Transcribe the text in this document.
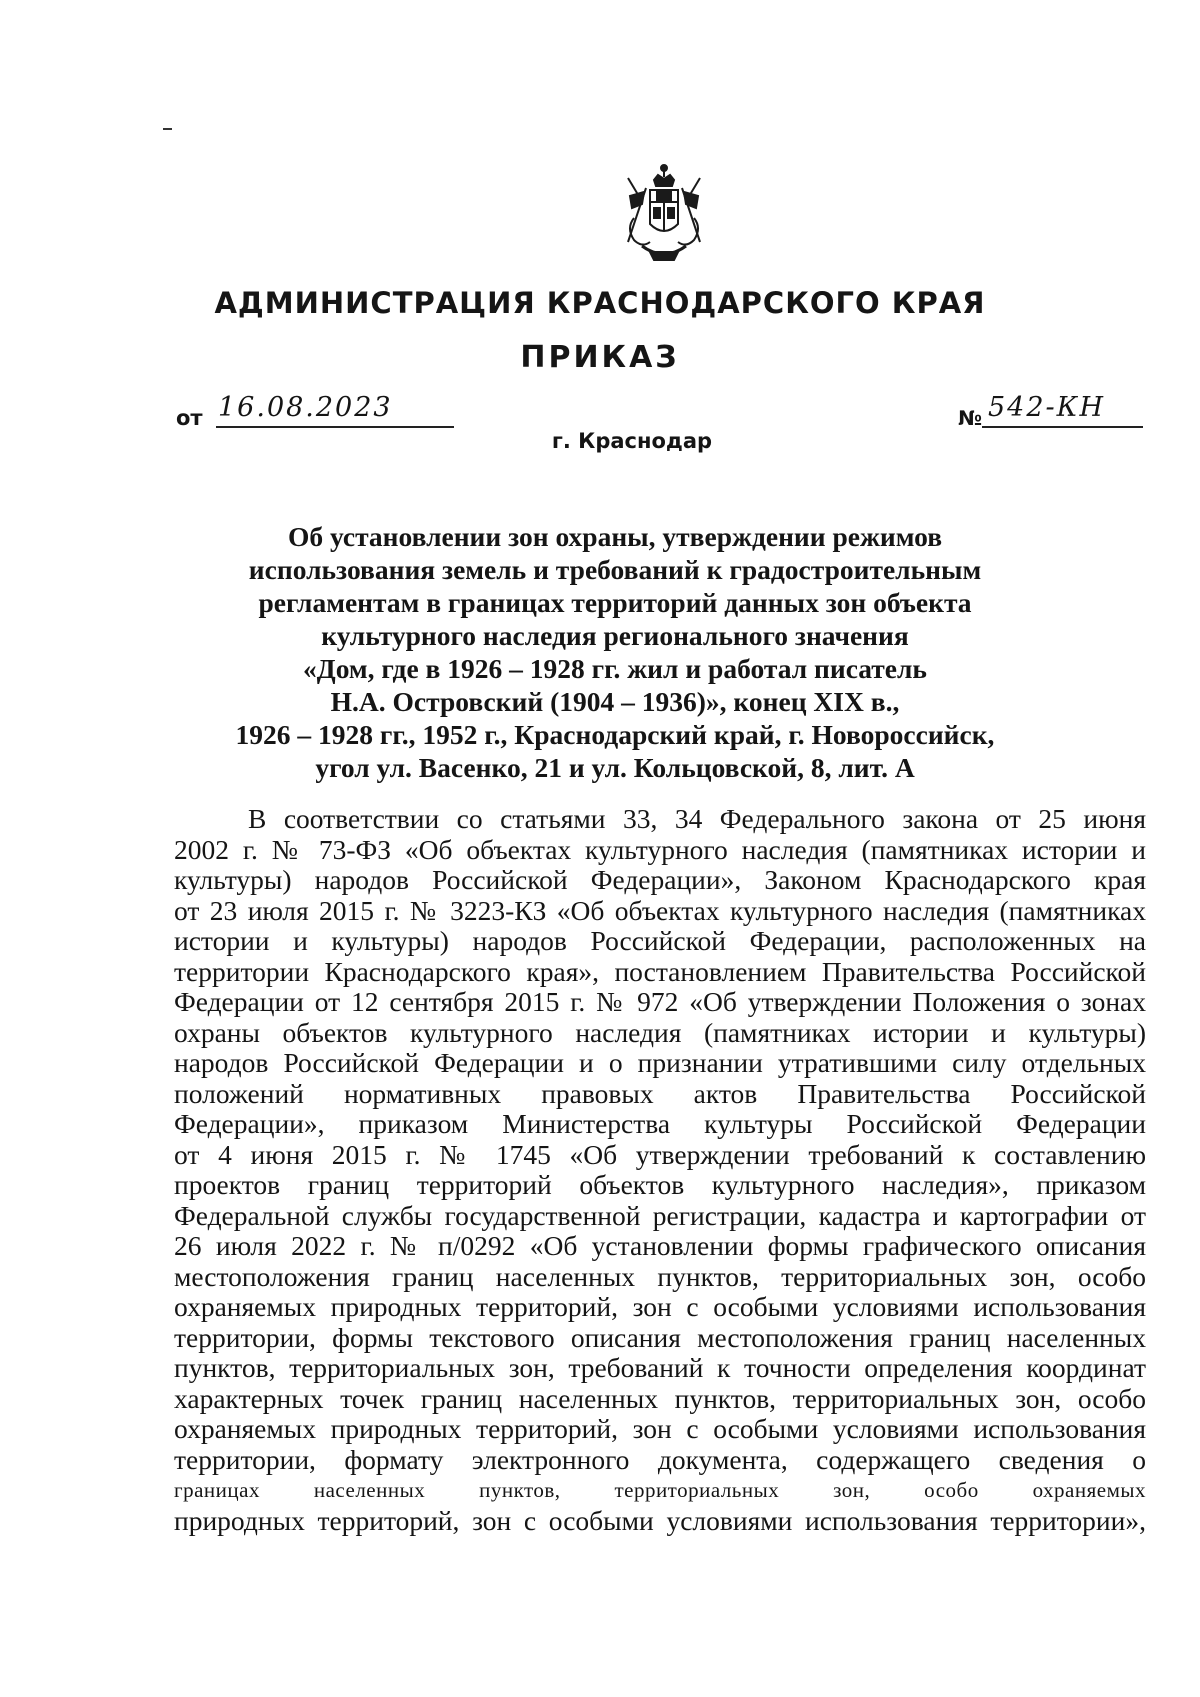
АДМИНИСТРАЦИЯ КРАСНОДАРСКОГО КРАЯ
ПРИКАЗ
от 16.08.2023	№ 542-КН
г. Краснодар
Об установлении зон охраны, утверждении режимов
использования земель и требований к градостроительным
регламентам в границах территорий данных зон объекта
культурного наследия регионального значения
«Дом, где в 1926 – 1928 гг. жил и работал писатель
Н.А. Островский (1904 – 1936)», конец XIX в.,
1926 – 1928 гг., 1952 г., Краснодарский край, г. Новороссийск,
угол ул. Васенко, 21 и ул. Кольцовской, 8, лит. А
В соответствии со статьями 33, 34 Федерального закона от 25 июня
2002 г. № 73-ФЗ «Об объектах культурного наследия (памятниках истории и
культуры) народов Российской Федерации», Законом Краснодарского края
от 23 июля 2015 г. № 3223-КЗ «Об объектах культурного наследия (памятниках
истории и культуры) народов Российской Федерации, расположенных на
территории Краснодарского края», постановлением Правительства Российской
Федерации от 12 сентября 2015 г. № 972 «Об утверждении Положения о зонах
охраны объектов культурного наследия (памятниках истории и культуры)
народов Российской Федерации и о признании утратившими силу отдельных
положений нормативных правовых актов Правительства Российской
Федерации», приказом Министерства культуры Российской Федерации
от 4 июня 2015 г. № 1745 «Об утверждении требований к составлению
проектов границ территорий объектов культурного наследия», приказом
Федеральной службы государственной регистрации, кадастра и картографии от
26 июля 2022 г. № п/0292 «Об установлении формы графического описания
местоположения границ населенных пунктов, территориальных зон, особо
охраняемых природных территорий, зон с особыми условиями использования
территории, формы текстового описания местоположения границ населенных
пунктов, территориальных зон, требований к точности определения координат
характерных точек границ населенных пунктов, территориальных зон, особо
охраняемых природных территорий, зон с особыми условиями использования
территории, формату электронного документа, содержащего сведения о
границах населенных пунктов, территориальных зон, особо охраняемых
природных территорий, зон с особыми условиями использования территории»,
